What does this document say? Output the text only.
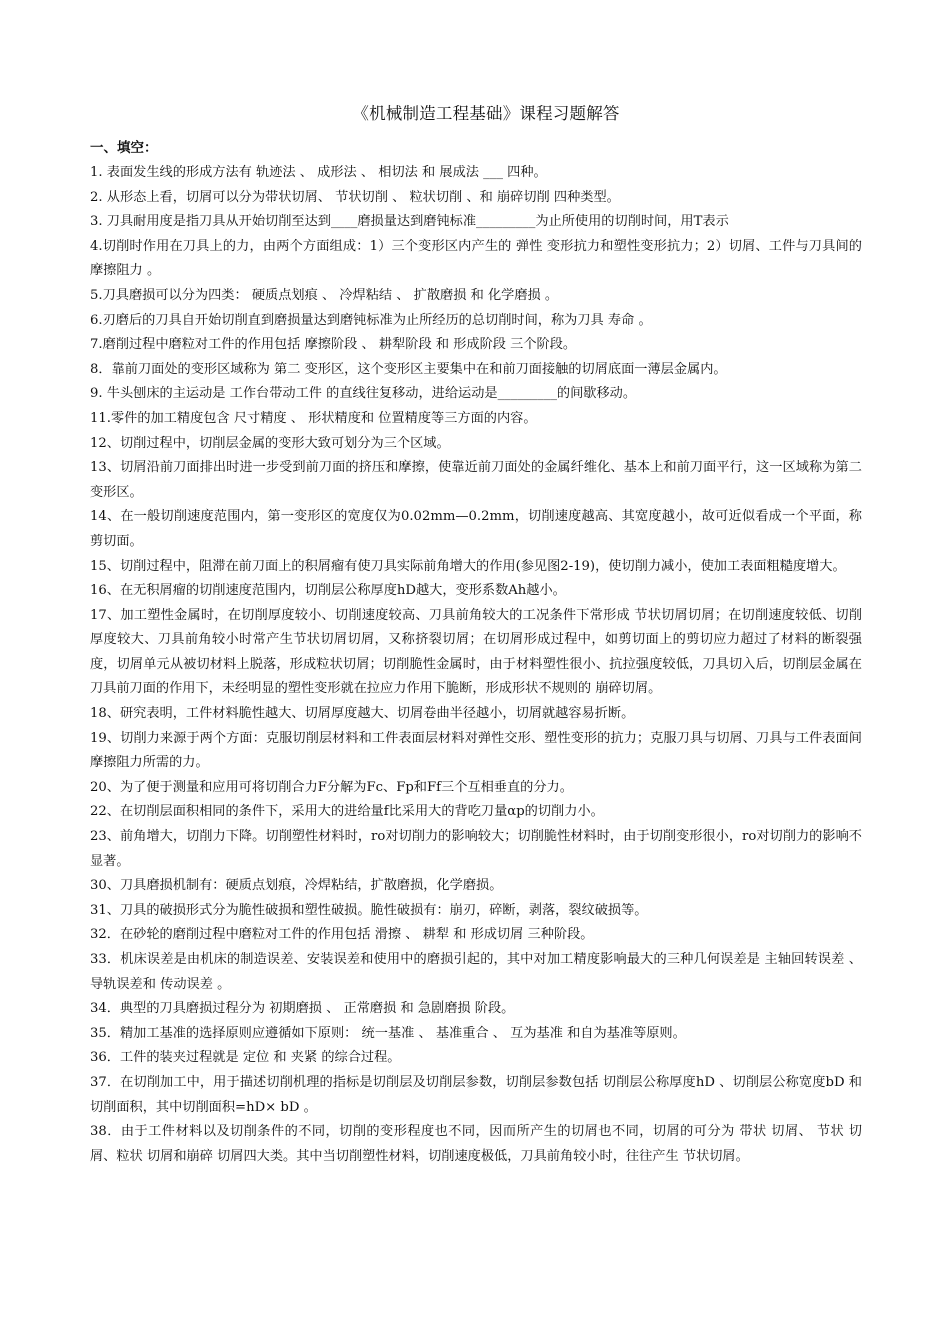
《机械制造工程基础》课程习题解答
一、填空：

1. 表面发生线的形成方法有 轨迹法 、 成形法 、 相切法 和 展成法 ___ 四种。

2. 从形态上看，切屑可以分为带状切屑、 节状切削 、 粒状切削 、和 崩碎切削 四种类型。

3. 刀具耐用度是指刀具从开始切削至达到____磨损量达到磨钝标准_________为止所使用的切削时间，用T表示

4.切削时作用在刀具上的力，由两个方面组成：1）三个变形区内产生的 弹性 变形抗力和塑性变形抗力；2）切屑、工件与刀具间的 摩擦阻力 。

5.刀具磨损可以分为四类： 硬质点划痕 、 冷焊粘结 、 扩散磨损 和 化学磨损 。

6.刃磨后的刀具自开始切削直到磨损量达到磨钝标准为止所经历的总切削时间，称为刀具 寿命 。

7.磨削过程中磨粒对工件的作用包括 摩擦阶段 、 耕犁阶段 和 形成阶段 三个阶段。

8．靠前刀面处的变形区域称为 第二 变形区，这个变形区主要集中在和前刀面接触的切屑底面一薄层金属内。

9. 牛头刨床的主运动是 工作台带动工件 的直线往复移动，进给运动是_________的间歇移动。

11.零件的加工精度包含 尺寸精度 、 形状精度和 位置精度等三方面的内容。

12、切削过程中，切削层金属的变形大致可划分为三个区域。

13、切屑沿前刀面排出时进一步受到前刀面的挤压和摩擦，使靠近前刀面处的金属纤维化、基本上和前刀面平行，这一区域称为第二变形区。

14、在一般切削速度范围内，第一变形区的宽度仅为0.02mm—0.2mm，切削速度越高、其宽度越小，故可近似看成一个平面，称剪切面。

15、切削过程中，阻滞在前刀面上的积屑瘤有使刀具实际前角增大的作用(参见图2-19)，使切削力减小，使加工表面粗糙度增大。

16、在无积屑瘤的切削速度范围内，切削层公称厚度hD越大，变形系数Ah越小。

17、加工塑性金属时，在切削厚度较小、切削速度较高、刀具前角较大的工况条件下常形成 节状切屑切屑；在切削速度较低、切削厚度较大、刀具前角较小时常产生节状切屑切屑，又称挤裂切屑；在切屑形成过程中，如剪切面上的剪切应力超过了材料的断裂强度，切屑单元从被切材料上脱落，形成粒状切屑；切削脆性金属时，由于材料塑性很小、抗拉强度较低，刀具切入后，切削层金属在刀具前刀面的作用下，未经明显的塑性变形就在拉应力作用下脆断，形成形状不规则的 崩碎切屑。

18、研究表明，工件材料脆性越大、切屑厚度越大、切屑卷曲半径越小，切屑就越容易折断。

19、切削力来源于两个方面：克服切削层材料和工件表面层材料对弹性交形、塑性变形的抗力；克服刀具与切屑、刀具与工件表面间摩擦阻力所需的力。

20、为了便于测量和应用可将切削合力F分解为Fc、Fp和Ff三个互相垂直的分力。

22、在切削层面积相同的条件下，采用大的进给量f比采用大的背吃刀量αp的切削力小。

23、前角增大，切削力下降。切削塑性材料时，ro对切削力的影响较大；切削脆性材料时，由于切削变形很小，ro对切削力的影响不显著。

30、刀具磨损机制有：硬质点划痕，冷焊粘结，扩散磨损，化学磨损。

31、刀具的破损形式分为脆性破损和塑性破损。脆性破损有：崩刃，碎断，剥落，裂纹破损等。

32．在砂轮的磨削过程中磨粒对工件的作用包括 滑擦 、 耕犁 和 形成切屑 三种阶段。

33．机床误差是由机床的制造误差、安装误差和使用中的磨损引起的，其中对加工精度影响最大的三种几何误差是 主轴回转误差 、 导轨误差和 传动误差 。

34．典型的刀具磨损过程分为 初期磨损 、 正常磨损 和 急剧磨损 阶段。

35．精加工基准的选择原则应遵循如下原则： 统一基准 、 基准重合 、 互为基准 和自为基准等原则。

36．工件的装夹过程就是 定位 和 夹紧 的综合过程。

37．在切削加工中，用于描述切削机理的指标是切削层及切削层参数，切削层参数包括 切削层公称厚度hD 、切削层公称宽度bD 和切削面积，其中切削面积=hD× bD 。

38．由于工件材料以及切削条件的不同，切削的变形程度也不同，因而所产生的切屑也不同，切屑的可分为 带状 切屑、 节状 切屑、粒状 切屑和崩碎 切屑四大类。其中当切削塑性材料，切削速度极低，刀具前角较小时，往往产生 节状切屑。
